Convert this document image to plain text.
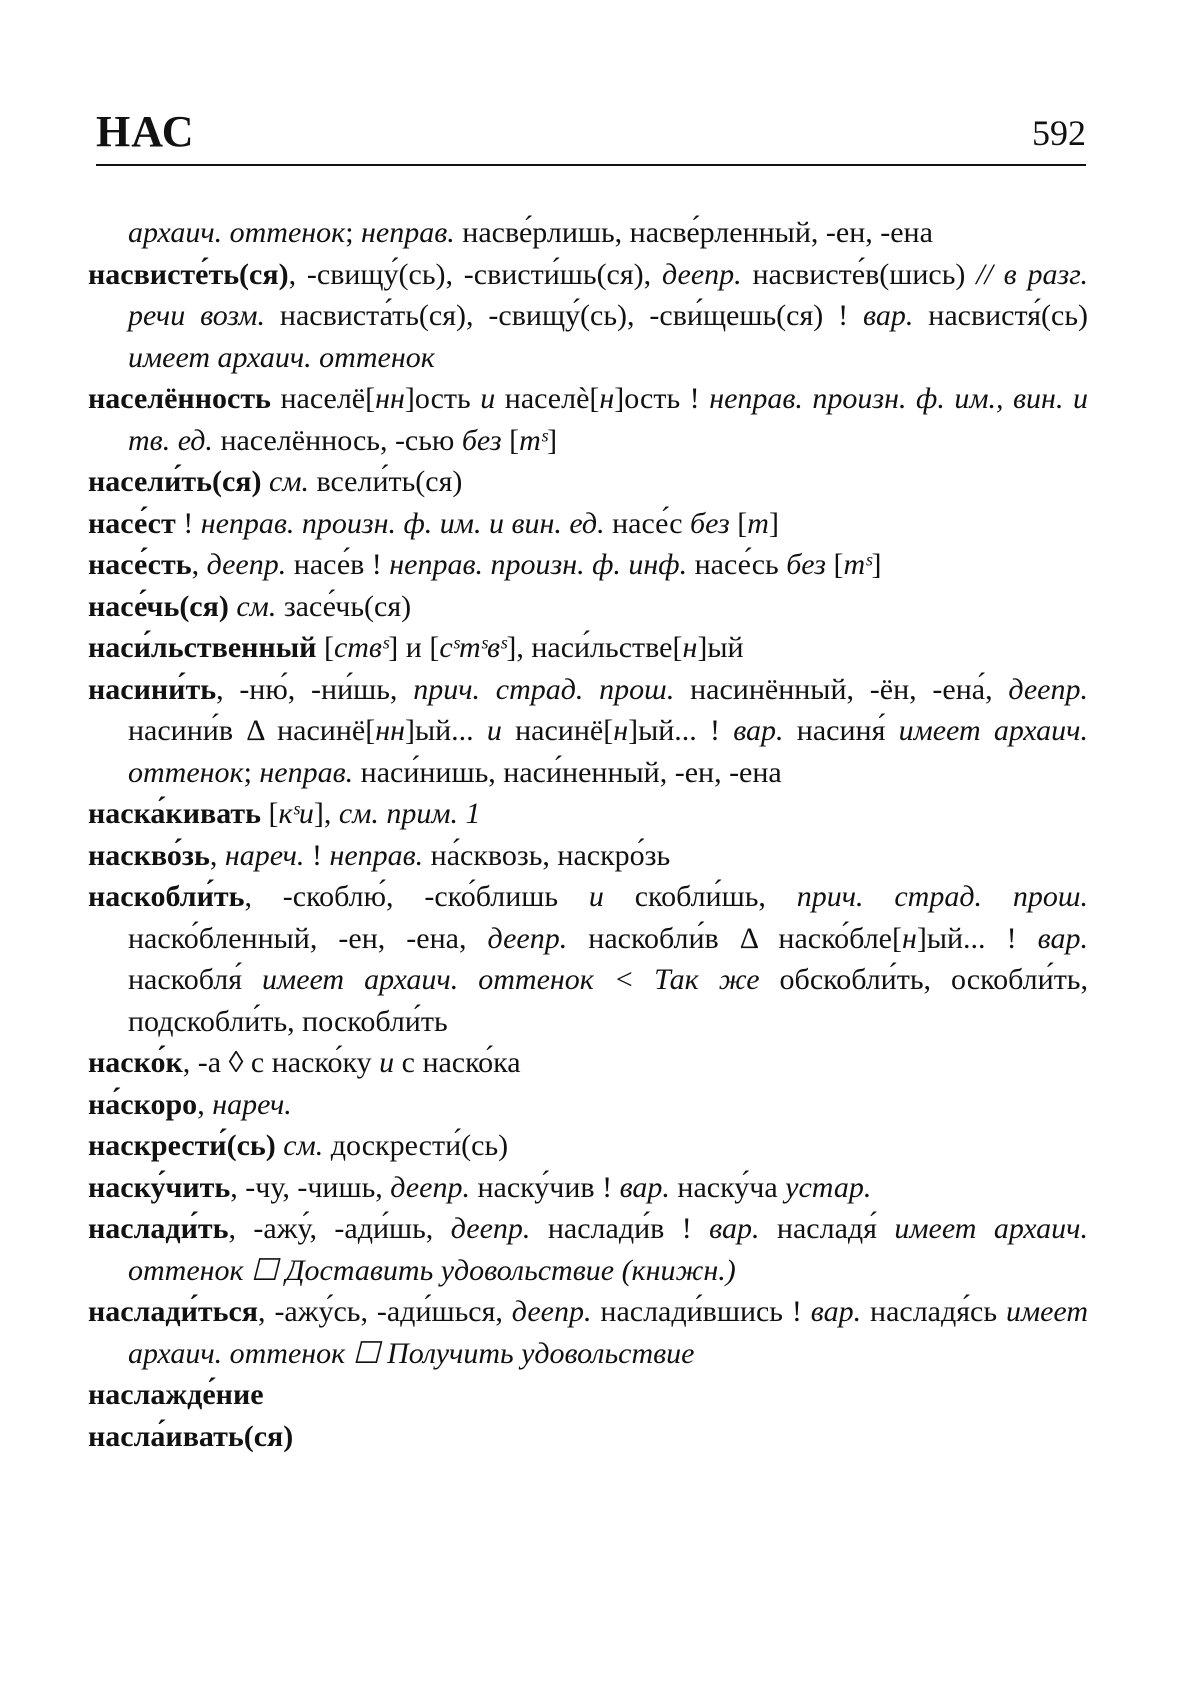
НАС	592

архаич. оттенок; неправ. насве́рлишь, насве́рленный, -ен, -ена

насвисте́ть(ся), -свищу́(сь), -свисти́шь(ся), деепр. насвисте́в(шись) // в разг. речи возм. насвиста́ть(ся), -свищу́(сь), -сви́щешь(ся) ! вар. насвистя́(сь) имеет архаич. оттенок

населённость населё[нн]ость и населè[н]ость ! неправ. произн. ф. им., вин. и тв. ед. населённось, -сью без [тˢ]

насели́ть(ся) см. всели́ть(ся)

насе́ст ! неправ. произн. ф. им. и вин. ед. насе́с без [т]

насе́сть, деепр. насе́в ! неправ. произн. ф. инф. насе́сь без [тˢ]

насе́чь(ся) см. засе́чь(ся)

наси́льственный [ствˢ] и [сˢтˢвˢ], наси́льстве[н]ый

насини́ть, -ню́, -ни́шь, прич. страд. прош. насинённый, -ён, -ена́, деепр. насини́в Δ насинё[нн]ый... и насинё[н]ый... ! вар. насиня́ имеет архаич. оттенок; неправ. наси́нишь, наси́ненный, -ен, -ена

наска́кивать [кˢи], см. прим. 1

наскво́зь, нареч. ! неправ. на́сквозь, наскро́зь

наскобли́ть, -скоблю́, -ско́блишь и скобли́шь, прич. страд. прош. наско́бленный, -ен, -ена, деепр. наскобли́в Δ наско́бле[н]ый... ! вар. наскобля́ имеет архаич. оттенок < Так же обскобли́ть, оскобли́ть, подскобли́ть, поскобли́ть

наско́к, -а ◊ с наско́ку и с наско́ка

на́скоро, нареч.

наскрести́(сь) см. доскрести́(сь)

наску́чить, -чу, -чишь, деепр. наску́чив ! вар. наску́ча устар.

наслади́ть, -ажу́, -ади́шь, деепр. наслади́в ! вар. насладя́ имеет архаич. оттенок ☐ Доставить удовольствие (книжн.)

наслади́ться, -ажу́сь, -ади́шься, деепр. наслади́вшись ! вар. насладя́сь имеет архаич. оттенок ☐ Получить удовольствие

наслажде́ние

насла́ивать(ся)
